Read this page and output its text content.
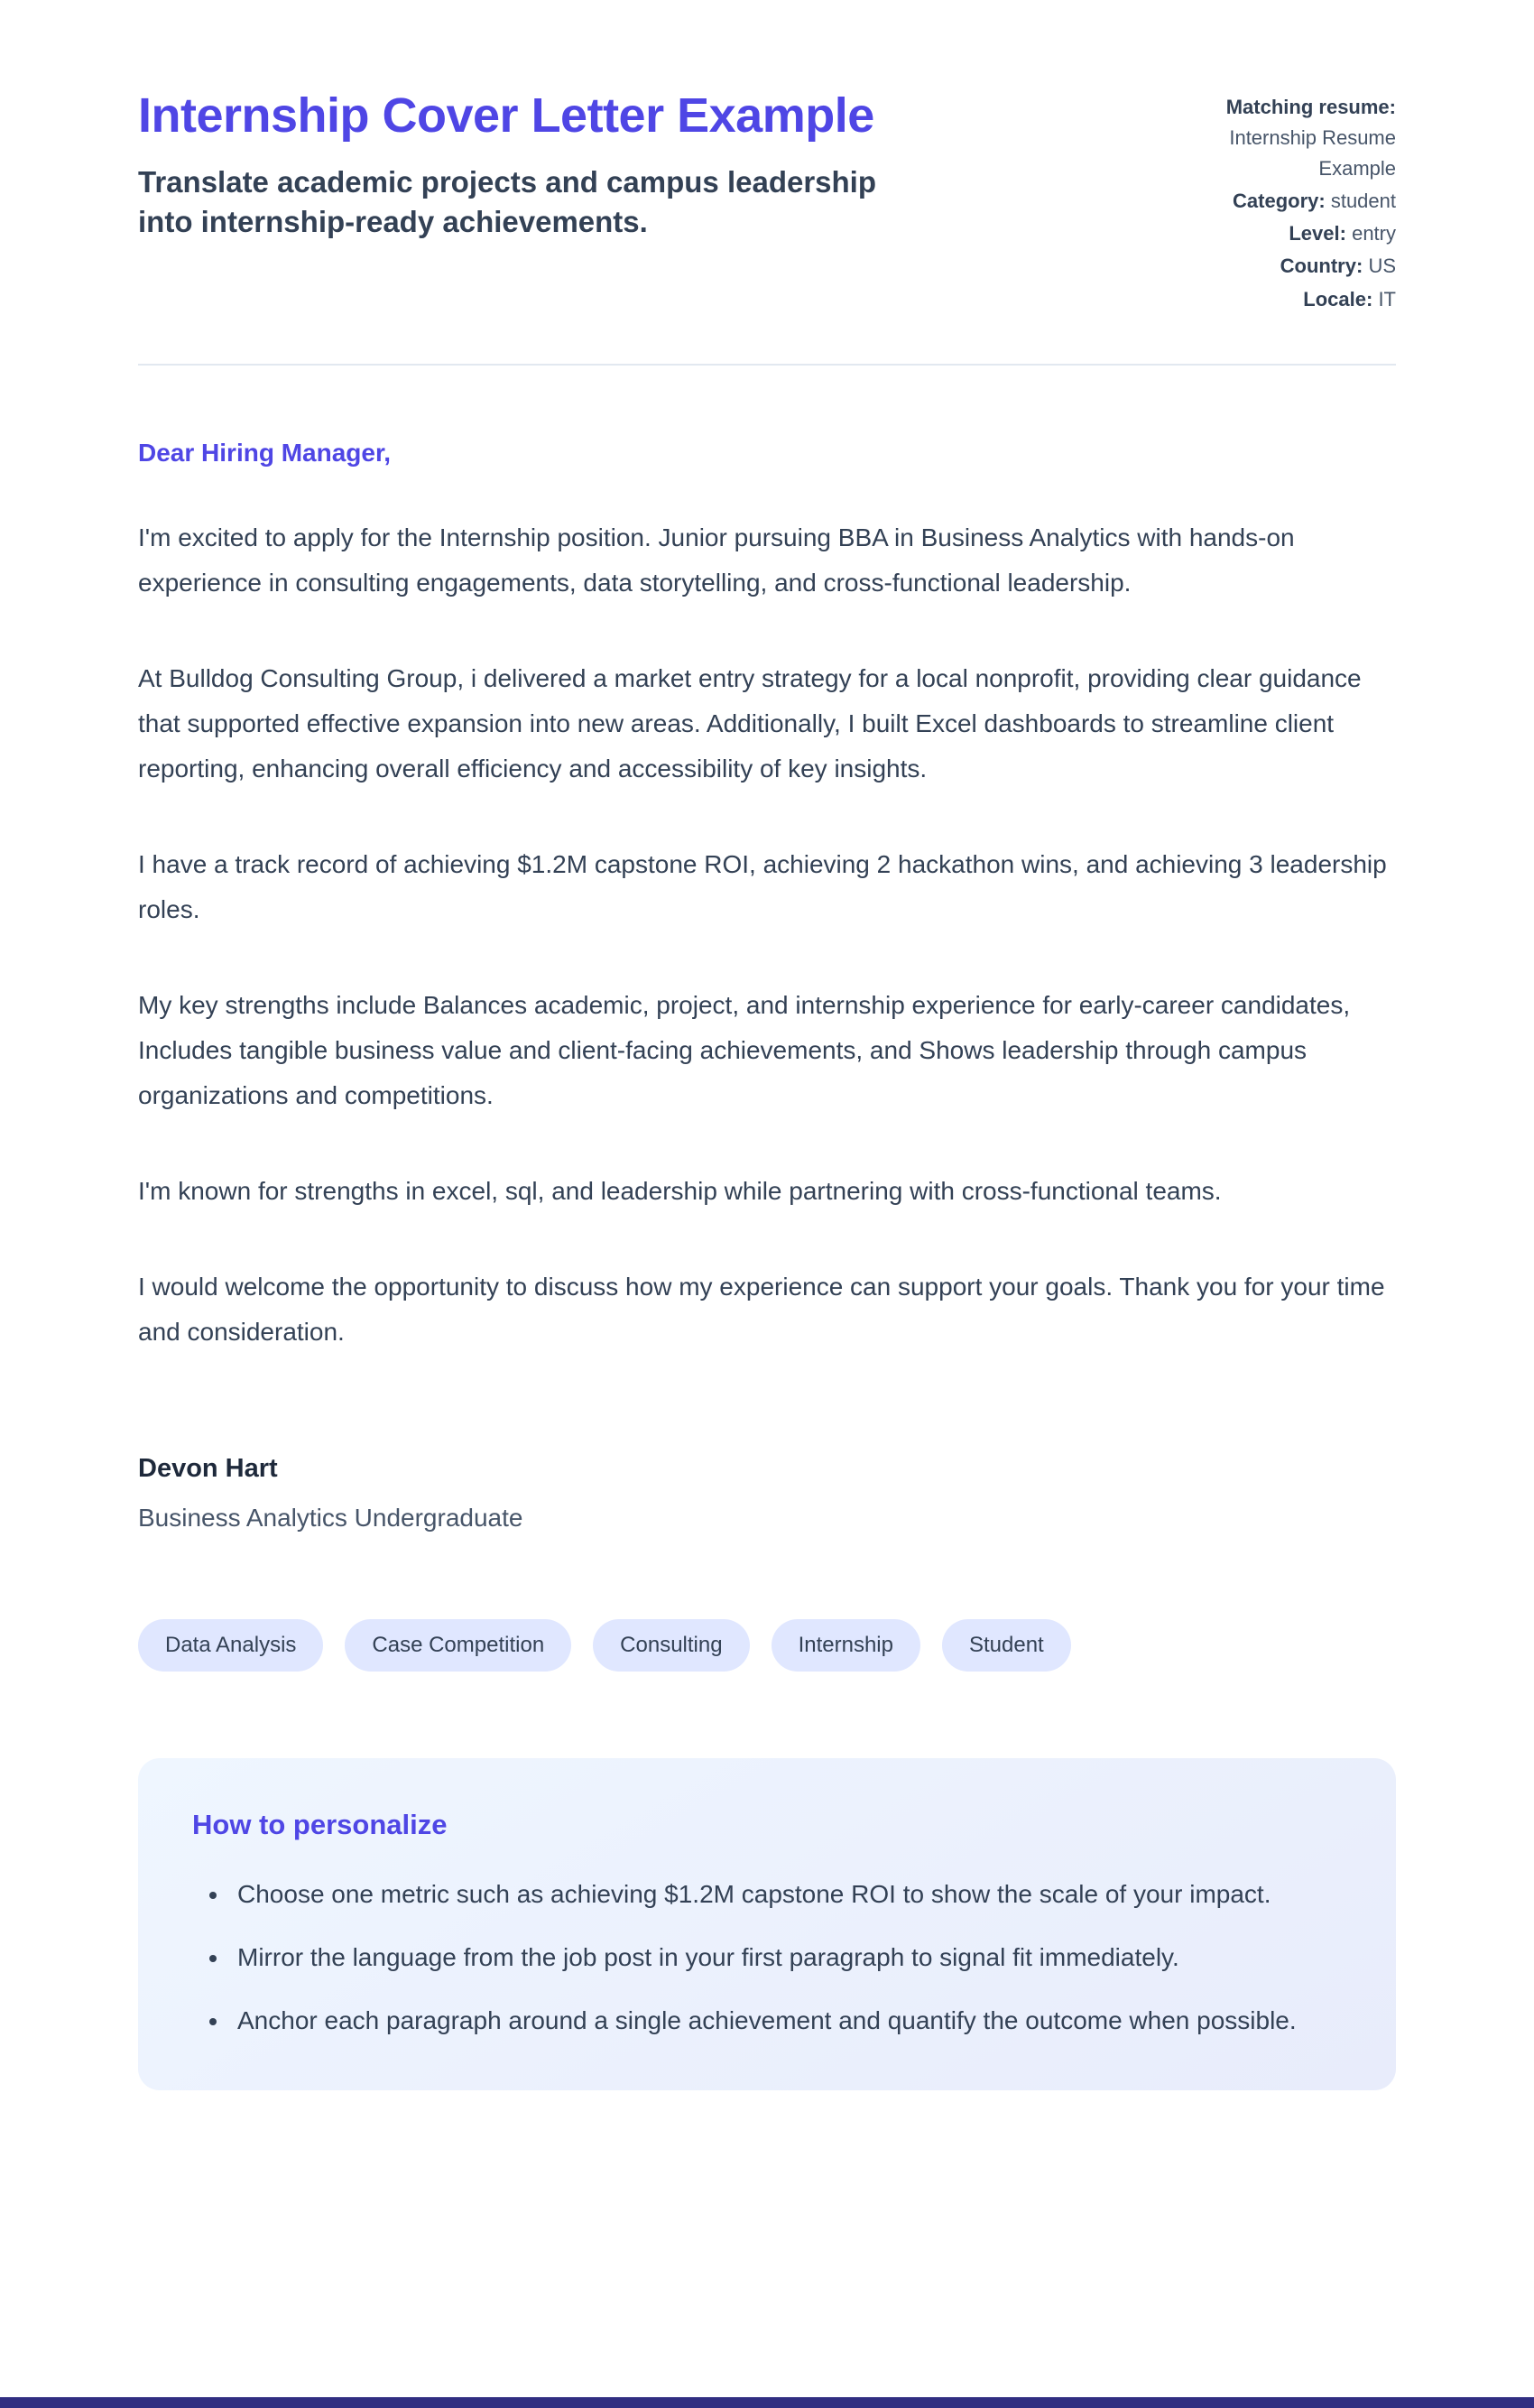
Internship Cover Letter Example

Translate academic projects and campus leadership into internship-ready achievements.

Matching resume: Internship Resume Example
Category: student
Level: entry
Country: US
Locale: IT

Dear Hiring Manager,

I'm excited to apply for the Internship position. Junior pursuing BBA in Business Analytics with hands-on experience in consulting engagements, data storytelling, and cross-functional leadership.

At Bulldog Consulting Group, i delivered a market entry strategy for a local nonprofit, providing clear guidance that supported effective expansion into new areas. Additionally, I built Excel dashboards to streamline client reporting, enhancing overall efficiency and accessibility of key insights.

I have a track record of achieving $1.2M capstone ROI, achieving 2 hackathon wins, and achieving 3 leadership roles.

My key strengths include Balances academic, project, and internship experience for early-career candidates, Includes tangible business value and client-facing achievements, and Shows leadership through campus organizations and competitions.

I'm known for strengths in excel, sql, and leadership while partnering with cross-functional teams.

I would welcome the opportunity to discuss how my experience can support your goals. Thank you for your time and consideration.

Devon Hart

Business Analytics Undergraduate

Data Analysis	Case Competition	Consulting	Internship	Student
How to personalize
• Choose one metric such as achieving $1.2M capstone ROI to show the scale of your impact.
• Mirror the language from the job post in your first paragraph to signal fit immediately.
• Anchor each paragraph around a single achievement and quantify the outcome when possible.
